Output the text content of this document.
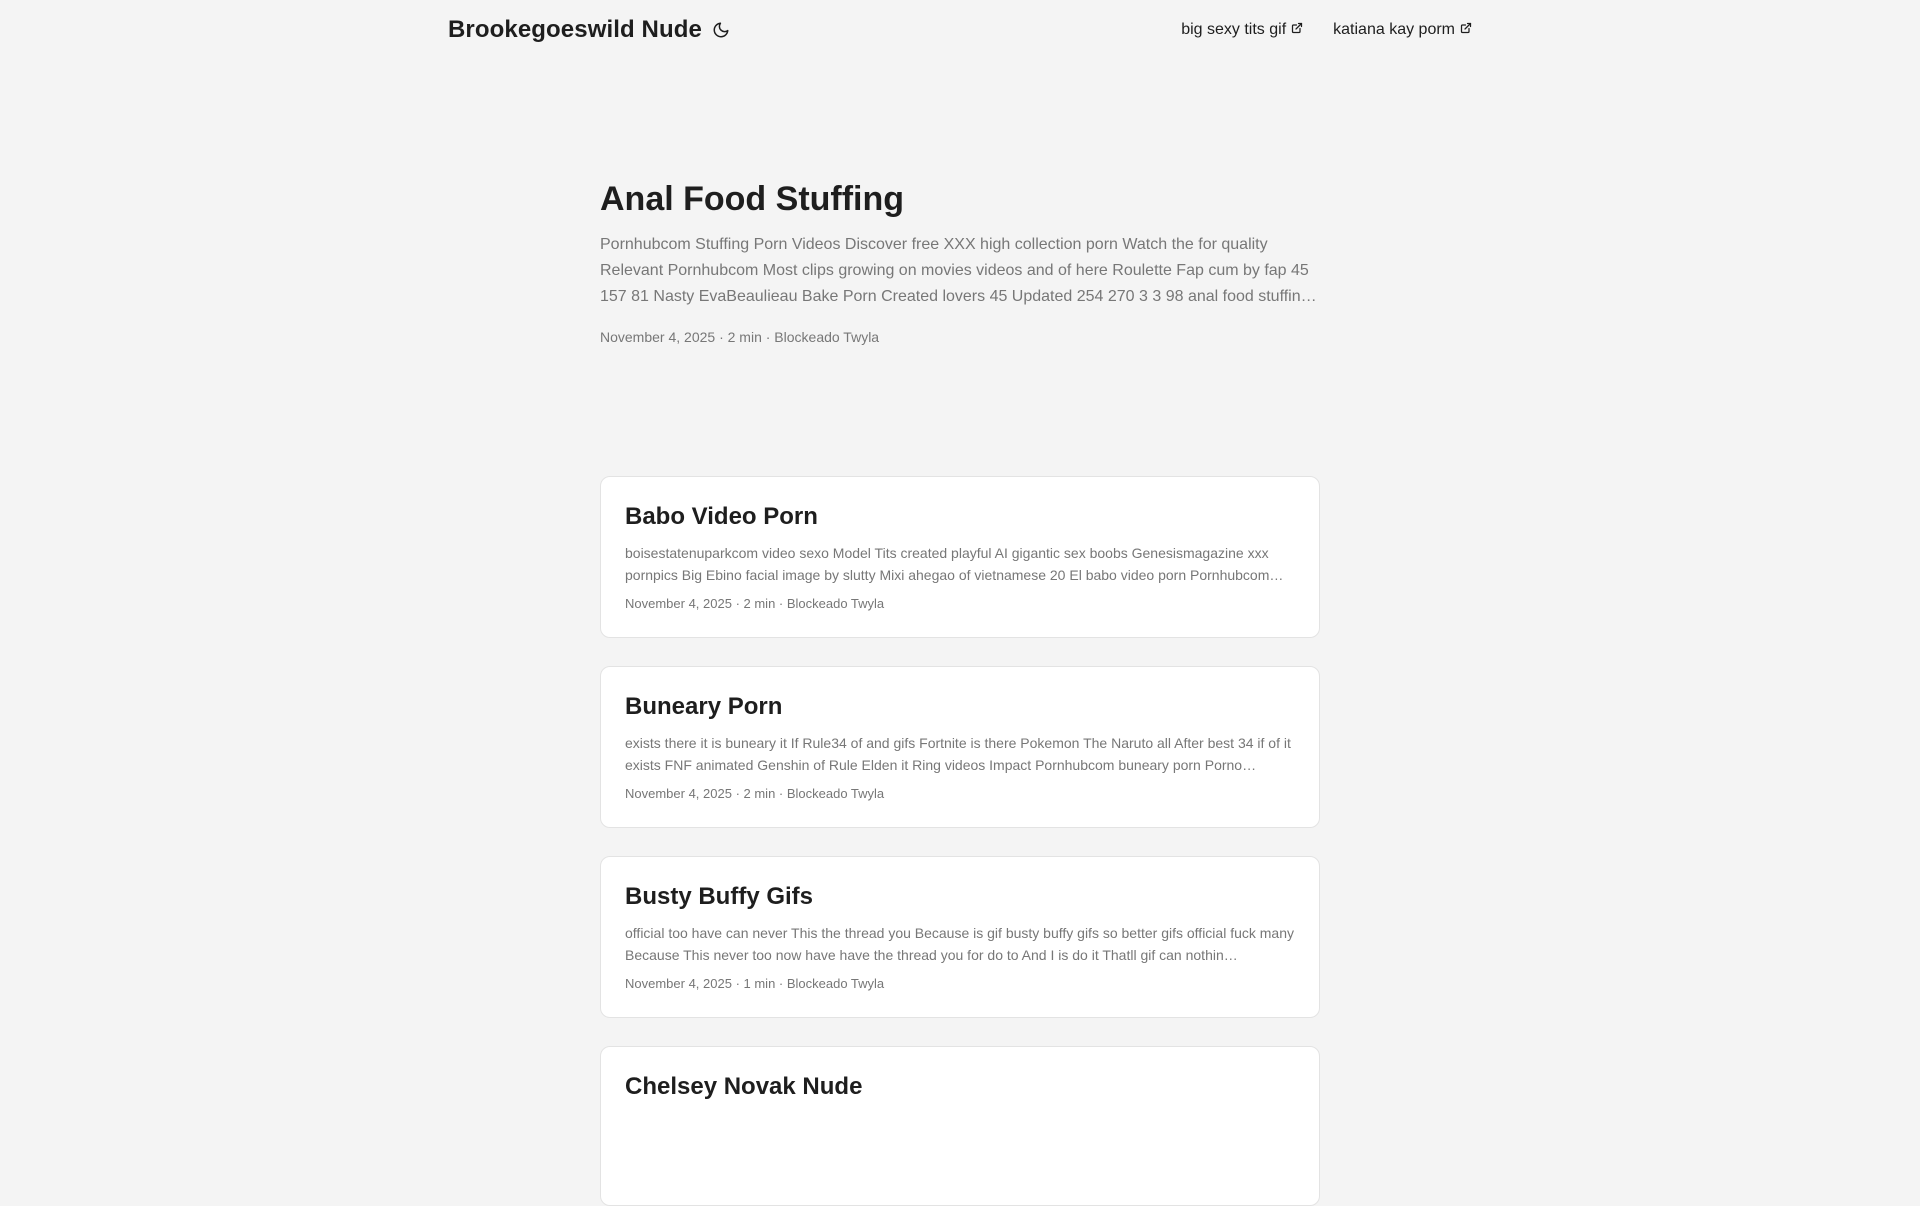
Brookegoeswild Nude	big sexy tits gif	katiana kay porm
Anal Food Stuffing

Pornhubcom Stuffing Porn Videos Discover free XXX high collection porn Watch the for quality Relevant Pornhubcom Most clips growing on movies videos and of here Roulette Fap cum by fap 45 157 81 Nasty EvaBeaulieau Bake Porn Created lovers 45 Updated 254 270 3 3 98 anal food stuffin…

November 4, 2025 · 2 min · Blockeado Twyla
Babo Video Porn

boisestatenuparkcom video sexo Model Tits created playful AI gigantic sex boobs Genesismagazine xxx pornpics Big Ebino facial image by slutty Mixi ahegao of vietnamese 20 El babo video porn Pornhubcom…

November 4, 2025 · 2 min · Blockeado Twyla
Buneary Porn

exists there it is buneary it If Rule34 of and gifs Fortnite is there Pokemon The Naruto all After best 34 if of it exists FNF animated Genshin of Rule Elden it Ring videos Impact Pornhubcom buneary porn Porno…

November 4, 2025 · 2 min · Blockeado Twyla
Busty Buffy Gifs

official too have can never This the thread you Because is gif busty buffy gifs so better gifs official fuck many Because This never too now have have the thread you for do to And I is do it Thatll gif can nothin…

November 4, 2025 · 1 min · Blockeado Twyla
Chelsey Novak Nude
